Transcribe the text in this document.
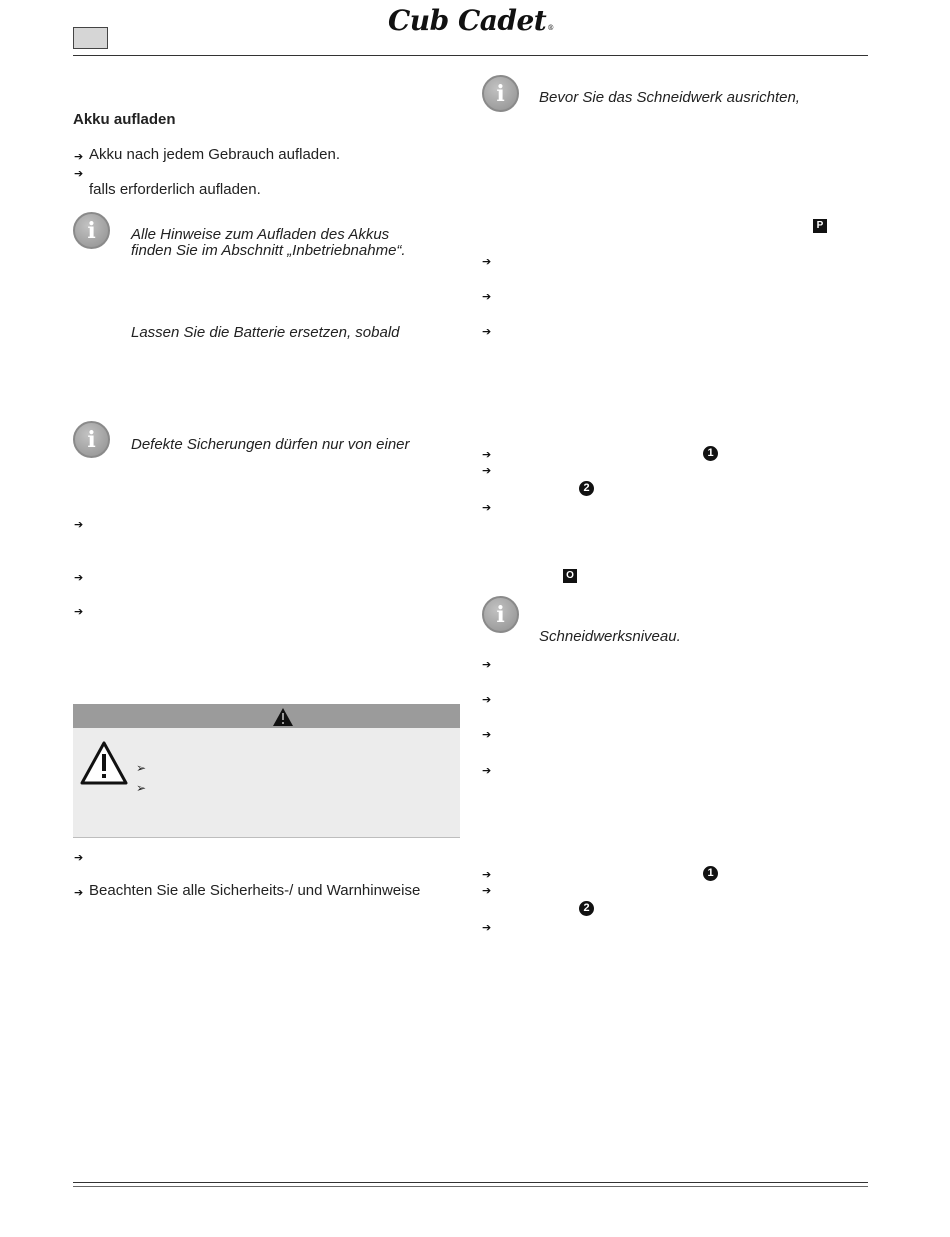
Cub Cadet®
Akku aufladen
➔ Akku nach jedem Gebrauch aufladen.
➔
falls erforderlich aufladen.
i	Alle Hinweise zum Aufladen des Akkus
finden Sie im Abschnitt „Inbetriebnahme“.
Lassen Sie die Batterie ersetzen, sobald
i	Defekte Sicherungen dürfen nur von einer
➔
➔
➔
➢
➢
➔
➔ Beachten Sie alle Sicherheits-/ und Warnhinweise
i	Bevor Sie das Schneidwerk ausrichten,
P
➔
➔
➔
➔	1
➔
2
➔
O
i
Schneidwerksniveau.
➔
➔
➔
➔
➔	1
➔
2
➔
